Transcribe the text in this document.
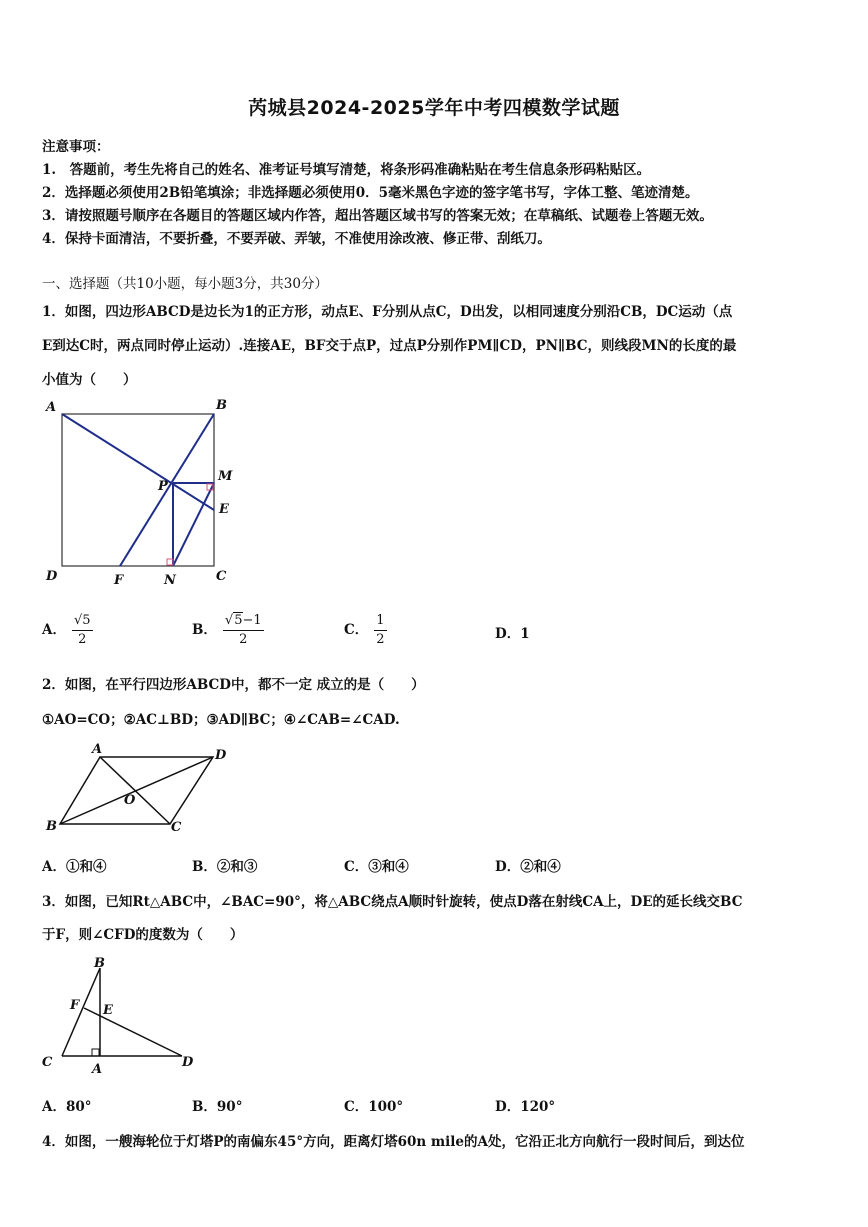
芮城县2024-2025学年中考四模数学试题
注意事项：
1.　答题前，考生先将自己的姓名、准考证号填写清楚，将条形码准确粘贴在考生信息条形码粘贴区。
2．选择题必须使用2B铅笔填涂；非选择题必须使用0．5毫米黑色字迹的签字笔书写，字体工整、笔迹清楚。
3．请按照题号顺序在各题目的答题区域内作答，超出答题区域书写的答案无效；在草稿纸、试题卷上答题无效。
4．保持卡面清洁，不要折叠，不要弄破、弄皱，不准使用涂改液、修正带、刮纸刀。
一、选择题（共10小题，每小题3分，共30分）
1．如图，四边形ABCD是边长为1的正方形，动点E、F分别从点C，D出发，以相同速度分别沿CB，DC运动（点
E到达C时，两点同时停止运动）.连接AE，BF交于点P，过点P分别作PM∥CD，PN∥BC，则线段MN的长度的最
小值为（　　）
A	B
M
P
E
D	F	N	C
A． $\frac{√5}{2}$	B． $\frac{√5-1}{2}$	C． $\frac{1}{2}$	D．1
2．如图，在平行四边形ABCD中，都不一定 成立的是（　　）
①AO=CO；②AC⊥BD；③AD∥BC；④∠CAB=∠CAD.
A	D
O
B	C
A．①和④	B．②和③	C．③和④	D．②和④
3．如图，已知Rt△ABC中，∠BAC=90°，将△ABC绕点A顺时针旋转，使点D落在射线CA上，DE的延长线交BC
于F，则∠CFD的度数为（　　）
B
F E
C	A	D
A．80°	B．90°	C．100°	D．120°
4．如图，一艘海轮位于灯塔P的南偏东45°方向，距离灯塔60n mile的A处，它沿正北方向航行一段时间后，到达位
